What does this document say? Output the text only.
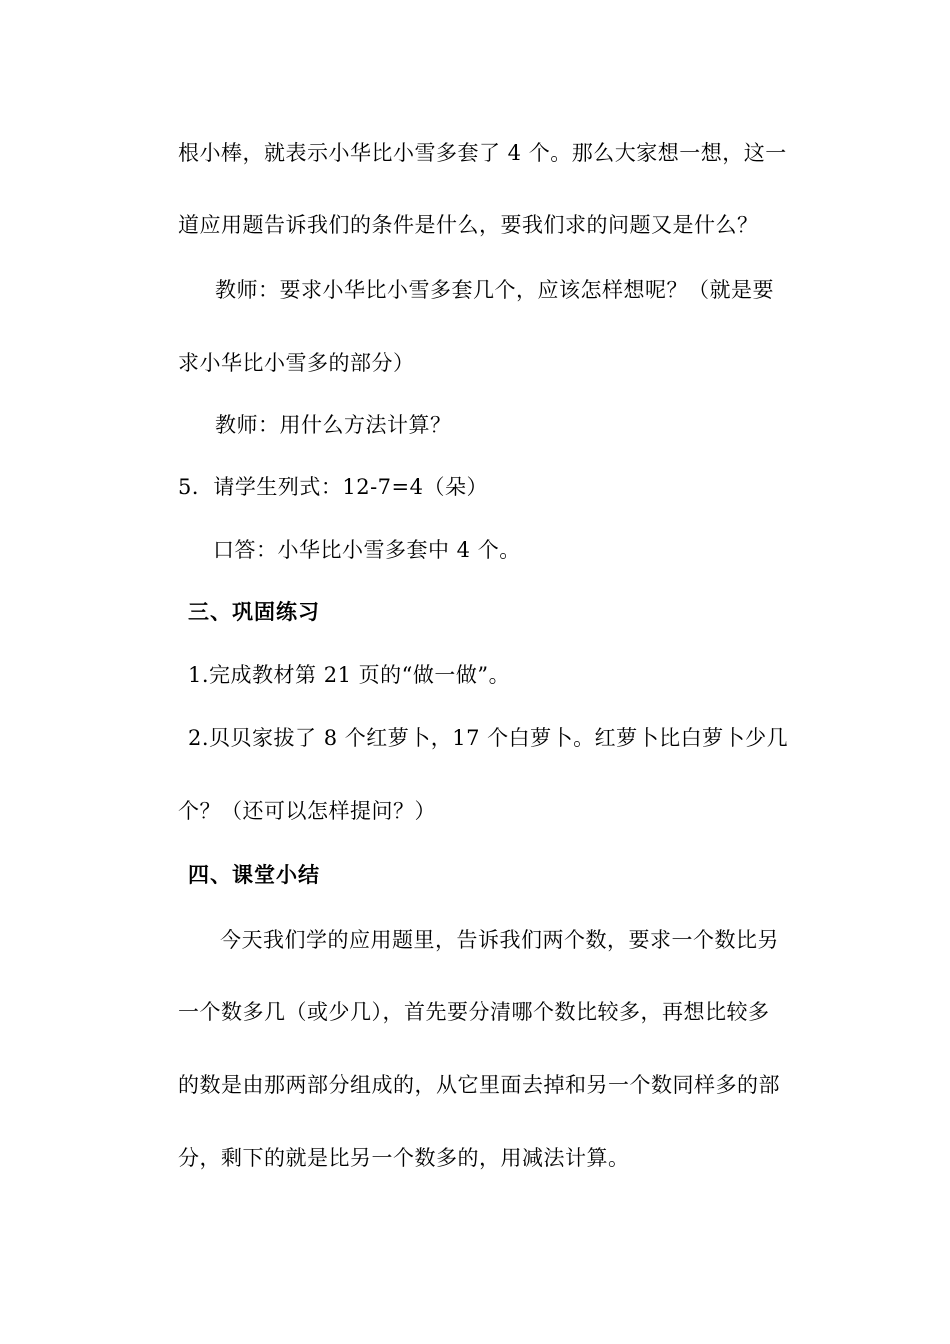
根小棒，就表示小华比小雪多套了 4 个。那么大家想一想，这一
道应用题告诉我们的条件是什么，要我们求的问题又是什么？
教师：要求小华比小雪多套几个，应该怎样想呢？（就是要
求小华比小雪多的部分）
教师：用什么方法计算？
5．请学生列式：12-7=4（朵）
口答：小华比小雪多套中 4 个。
三、巩固练习
1.完成教材第 21 页的“做一做”。
2.贝贝家拔了 8 个红萝卜，17 个白萝卜。红萝卜比白萝卜少几
个？（还可以怎样提问？）
四、课堂小结
今天我们学的应用题里，告诉我们两个数，要求一个数比另
一个数多几（或少几），首先要分清哪个数比较多，再想比较多
的数是由那两部分组成的，从它里面去掉和另一个数同样多的部
分，剩下的就是比另一个数多的，用减法计算。
